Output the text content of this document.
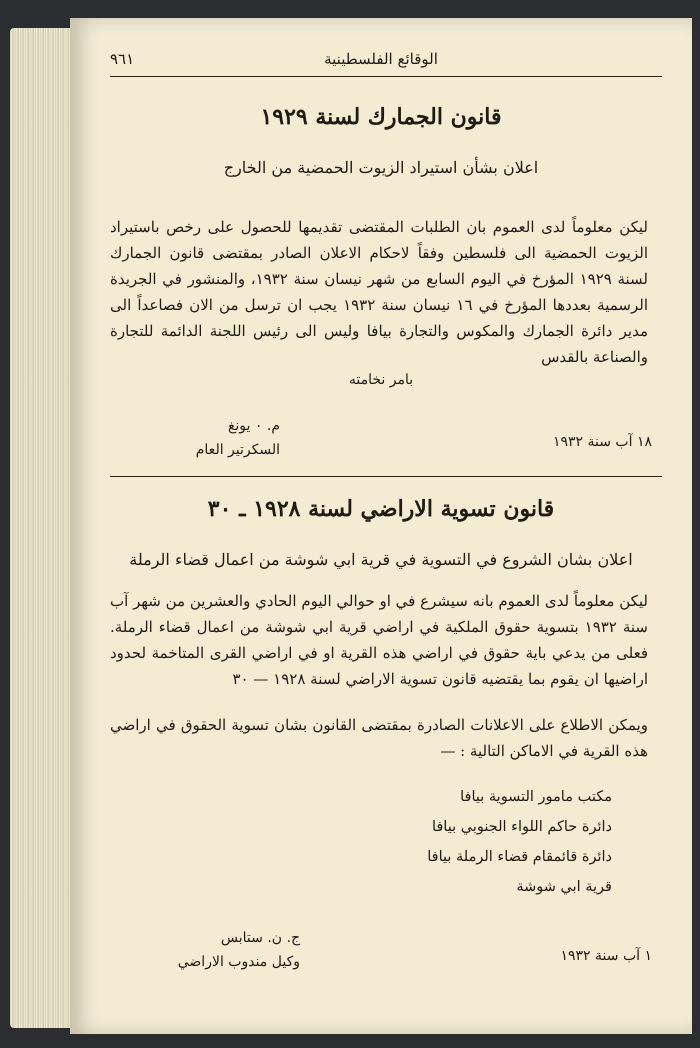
الوقائع الفلسطينية
٩٦١
قانون الجمارك لسنة ١٩٢٩
اعلان بشأن استيراد الزيوت الحمضية من الخارج
ليكن معلوماً لدى العموم بان الطلبات المقتضى تقديمها للحصول على رخص باستيراد الزيوت الحمضية الى فلسطين وفقاً لاحكام الاعلان الصادر بمقتضى قانون الجمارك لسنة ١٩٢٩ المؤرخ في اليوم السابع من شهر نيسان سنة ١٩٣٢، والمنشور في الجريدة الرسمية بعددها المؤرخ في ١٦ نيسان سنة ١٩٣٢ يجب ان ترسل من الان فصاعداً الى مدير دائرة الجمارك والمكوس والتجارة بيافا وليس الى رئيس اللجنة الدائمة للتجارة والصناعة بالقدس
بامر نخامته
١٨ آب سنة ١٩٣٢
م. ٠ يونغ
السكرتير العام
قانون تسوية الاراضي لسنة ١٩٢٨ ـ ٣٠
اعلان بشان الشروع في التسوية في قرية ابي شوشة من اعمال قضاء الرملة
ليكن معلوماً لدى العموم بانه سيشرع في او حوالي اليوم الحادي والعشرين من شهر آب سنة ١٩٣٢ بتسوية حقوق الملكية في اراضي قرية ابي شوشة من اعمال قضاء الرملة. فعلى من يدعي باية حقوق في اراضي هذه القرية او في اراضي القرى المتاخمة لحدود اراضيها ان يقوم بما يقتضيه قانون تسوية الاراضي لسنة ١٩٢٨ — ٣٠
ويمكن الاطلاع على الاعلانات الصادرة بمقتضى القانون بشان تسوية الحقوق في اراضي هذه القرية في الاماكن التالية : —
مكتب مامور التسوية بيافا
دائرة حاكم اللواء الجنوبي بيافا
دائرة قائمقام قضاء الرملة بيافا
قرية ابي شوشة
١ آب سنة ١٩٣٢
ج. ن. ستابس
وكيل مندوب الاراضي
